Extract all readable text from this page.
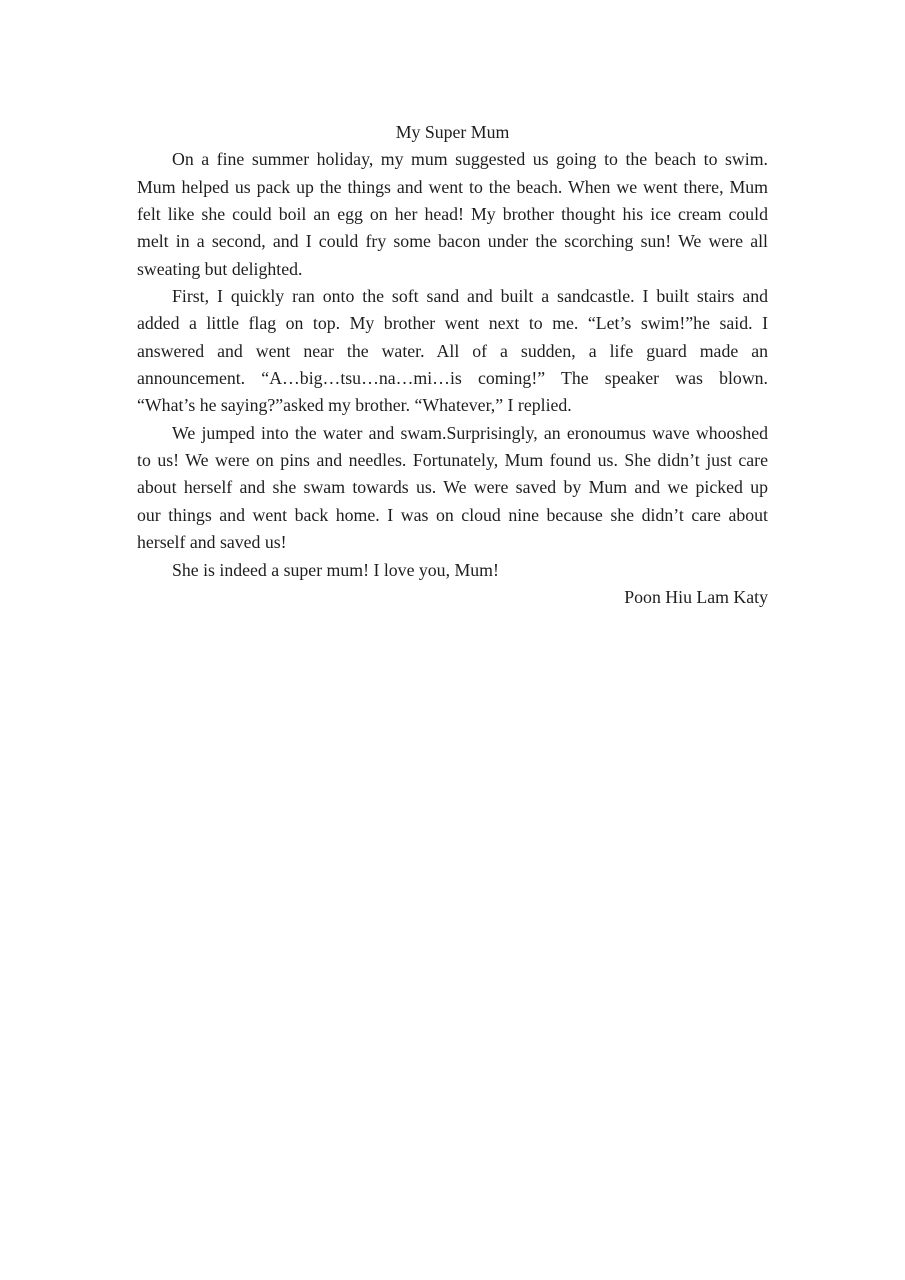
My Super Mum
On a fine summer holiday, my mum suggested us going to the beach to swim.
Mum helped us pack up the things and went to the beach. When we went there, Mum
felt like she could boil an egg on her head! My brother thought his ice cream could
melt in a second, and I could fry some bacon under the scorching sun! We were all
sweating but delighted.
First, I quickly ran onto the soft sand and built a sandcastle. I built stairs and
added a little flag on top. My brother went next to me. “Let’s swim!”he said. I
answered and went near the water. All of a sudden, a life guard made an
announcement. “A…big…tsu…na…mi…is coming!” The speaker was blown.
“What’s he saying?”asked my brother. “Whatever,” I replied.
We jumped into the water and swam.Surprisingly, an eronoumus wave whooshed
to us! We were on pins and needles. Fortunately, Mum found us. She didn’t just care
about herself and she swam towards us. We were saved by Mum and we picked up
our things and went back home. I was on cloud nine because she didn’t care about
herself and saved us!
She is indeed a super mum! I love you, Mum!
Poon Hiu Lam Katy
